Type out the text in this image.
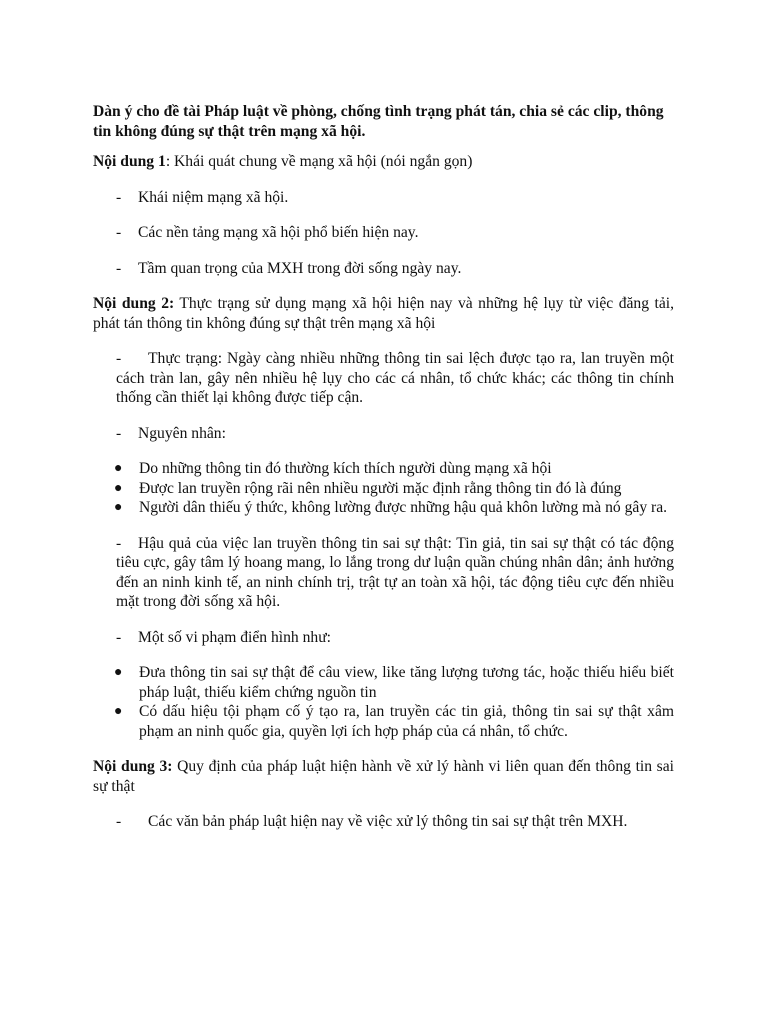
Dàn ý cho đề tài Pháp luật về phòng, chống tình trạng phát tán, chia sẻ các clip, thông tin không đúng sự thật trên mạng xã hội.

Nội dung 1: Khái quát chung về mạng xã hội (nói ngắn gọn)

- Khái niệm mạng xã hội.

- Các nền tảng mạng xã hội phổ biến hiện nay.

- Tầm quan trọng của MXH trong đời sống ngày nay.

Nội dung 2: Thực trạng sử dụng mạng xã hội hiện nay và những hệ lụy từ việc đăng tải, phát tán thông tin không đúng sự thật trên mạng xã hội

- Thực trạng: Ngày càng nhiều những thông tin sai lệch được tạo ra, lan truyền một cách tràn lan, gây nên nhiều hệ lụy cho các cá nhân, tổ chức khác; các thông tin chính thống cần thiết lại không được tiếp cận.

- Nguyên nhân:

● Do những thông tin đó thường kích thích người dùng mạng xã hội
● Được lan truyền rộng rãi nên nhiều người mặc định rằng thông tin đó là đúng
● Người dân thiếu ý thức, không lường được những hậu quả khôn lường mà nó gây ra.

- Hậu quả của việc lan truyền thông tin sai sự thật: Tin giả, tin sai sự thật có tác động tiêu cực, gây tâm lý hoang mang, lo lắng trong dư luận quần chúng nhân dân; ảnh hưởng đến an ninh kinh tế, an ninh chính trị, trật tự an toàn xã hội, tác động tiêu cực đến nhiều mặt trong đời sống xã hội.

- Một số vi phạm điển hình như:

● Đưa thông tin sai sự thật để câu view, like tăng lượng tương tác, hoặc thiếu hiểu biết pháp luật, thiếu kiểm chứng nguồn tin
● Có dấu hiệu tội phạm cố ý tạo ra, lan truyền các tin giả, thông tin sai sự thật xâm phạm an ninh quốc gia, quyền lợi ích hợp pháp của cá nhân, tổ chức.

Nội dung 3: Quy định của pháp luật hiện hành về xử lý hành vi liên quan đến thông tin sai sự thật

- Các văn bản pháp luật hiện nay về việc xử lý thông tin sai sự thật trên MXH.
